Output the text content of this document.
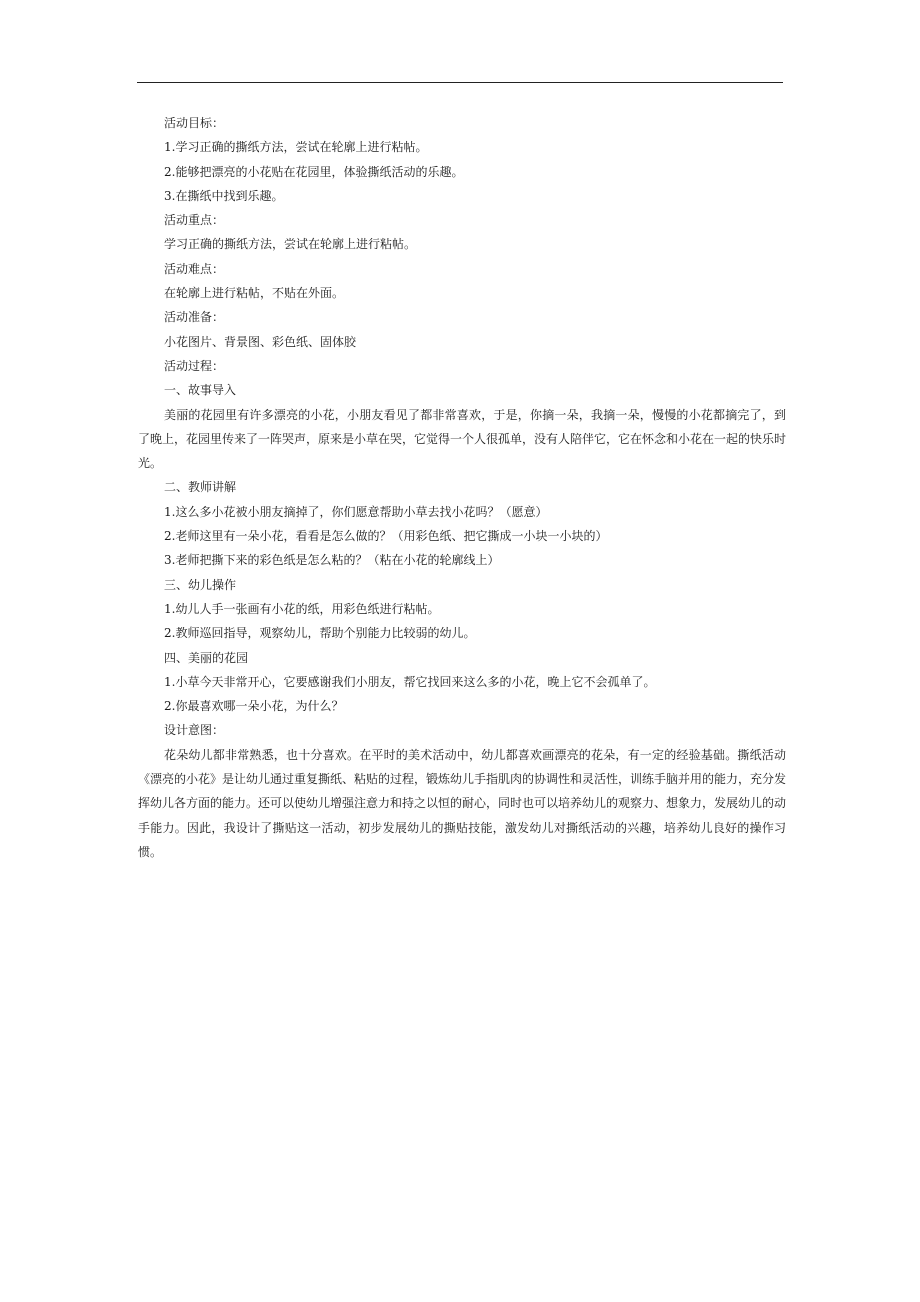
活动目标：

1.学习正确的撕纸方法，尝试在轮廓上进行粘帖。

2.能够把漂亮的小花贴在花园里，体验撕纸活动的乐趣。

3.在撕纸中找到乐趣。

活动重点：

学习正确的撕纸方法，尝试在轮廓上进行粘帖。

活动难点：

在轮廓上进行粘帖，不贴在外面。

活动准备：

小花图片、背景图、彩色纸、固体胶

活动过程：

一、故事导入

美丽的花园里有许多漂亮的小花，小朋友看见了都非常喜欢，于是，你摘一朵，我摘一朵，慢慢的小花都摘完了，到了晚上，花园里传来了一阵哭声，原来是小草在哭，它觉得一个人很孤单，没有人陪伴它，它在怀念和小花在一起的快乐时光。

二、教师讲解

1.这么多小花被小朋友摘掉了，你们愿意帮助小草去找小花吗？（愿意）

2.老师这里有一朵小花，看看是怎么做的？（用彩色纸、把它撕成一小块一小块的）

3.老师把撕下来的彩色纸是怎么粘的？（粘在小花的轮廓线上）

三、幼儿操作

1.幼儿人手一张画有小花的纸，用彩色纸进行粘帖。

2.教师巡回指导，观察幼儿，帮助个别能力比较弱的幼儿。

四、美丽的花园

1.小草今天非常开心，它要感谢我们小朋友，帮它找回来这么多的小花，晚上它不会孤单了。

2.你最喜欢哪一朵小花，为什么？

设计意图：

花朵幼儿都非常熟悉，也十分喜欢。在平时的美术活动中，幼儿都喜欢画漂亮的花朵，有一定的经验基础。撕纸活动《漂亮的小花》是让幼儿通过重复撕纸、粘贴的过程，锻炼幼儿手指肌肉的协调性和灵活性，训练手脑并用的能力，充分发挥幼儿各方面的能力。还可以使幼儿增强注意力和持之以恒的耐心，同时也可以培养幼儿的观察力、想象力，发展幼儿的动手能力。因此，我设计了撕贴这一活动，初步发展幼儿的撕贴技能，激发幼儿对撕纸活动的兴趣，培养幼儿良好的操作习惯。
